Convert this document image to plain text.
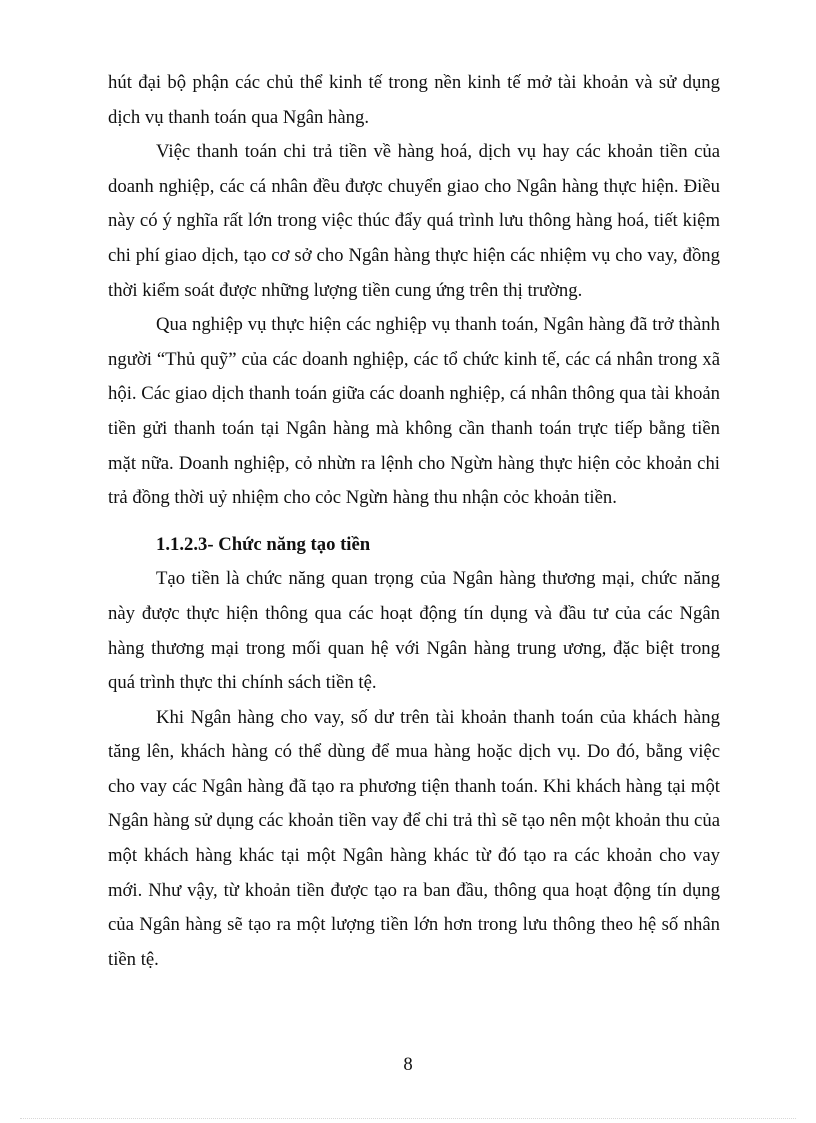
hút đại bộ phận các chủ thể kinh tế trong nền kinh tế mở tài khoản và sử dụng dịch vụ thanh toán qua Ngân hàng.

Việc thanh toán chi trả tiền về hàng hoá, dịch vụ hay các khoản tiền của doanh nghiệp, các cá nhân đều được chuyển giao cho Ngân hàng thực hiện. Điều này có ý nghĩa rất lớn trong việc thúc đẩy quá trình lưu thông hàng hoá, tiết kiệm chi phí giao dịch, tạo cơ sở cho Ngân hàng thực hiện các nhiệm vụ cho vay, đồng thời kiểm soát được những lượng tiền cung ứng trên thị trường.

Qua nghiệp vụ thực hiện các nghiệp vụ thanh toán, Ngân hàng đã trở thành người “Thủ quỹ” của các doanh nghiệp, các tổ chức kinh tế, các cá nhân trong xã hội. Các giao dịch thanh toán giữa các doanh nghiệp, cá nhân thông qua tài khoản tiền gửi thanh toán tại Ngân hàng mà không cần thanh toán trực tiếp bằng tiền mặt nữa. Doanh nghiệp, cỏ nhừn ra lệnh cho Ngừn hàng thực hiện cỏc khoản chi trả đồng thời uỷ nhiệm cho cỏc Ngừn hàng thu nhận cỏc khoản tiền.

1.1.2.3- Chức năng tạo tiền

Tạo tiền là chức năng quan trọng của Ngân hàng thương mại, chức năng này được thực hiện thông qua các hoạt động tín dụng và đầu tư của các Ngân hàng thương mại trong mối quan hệ với Ngân hàng trung ương, đặc biệt trong quá trình thực thi chính sách tiền tệ.

Khi Ngân hàng cho vay, số dư trên tài khoản thanh toán của khách hàng tăng lên, khách hàng có thể dùng để mua hàng hoặc dịch vụ. Do đó, bằng việc cho vay các Ngân hàng đã tạo ra phương tiện thanh toán. Khi khách hàng tại một Ngân hàng sử dụng các khoản tiền vay để chi trả thì sẽ tạo nên một khoản thu của một khách hàng khác tại một Ngân hàng khác từ đó tạo ra các khoản cho vay mới. Như vậy, từ khoản tiền được tạo ra ban đầu, thông qua hoạt động tín dụng của Ngân hàng sẽ tạo ra một lượng tiền lớn hơn trong lưu thông theo hệ số nhân tiền tệ.

8
